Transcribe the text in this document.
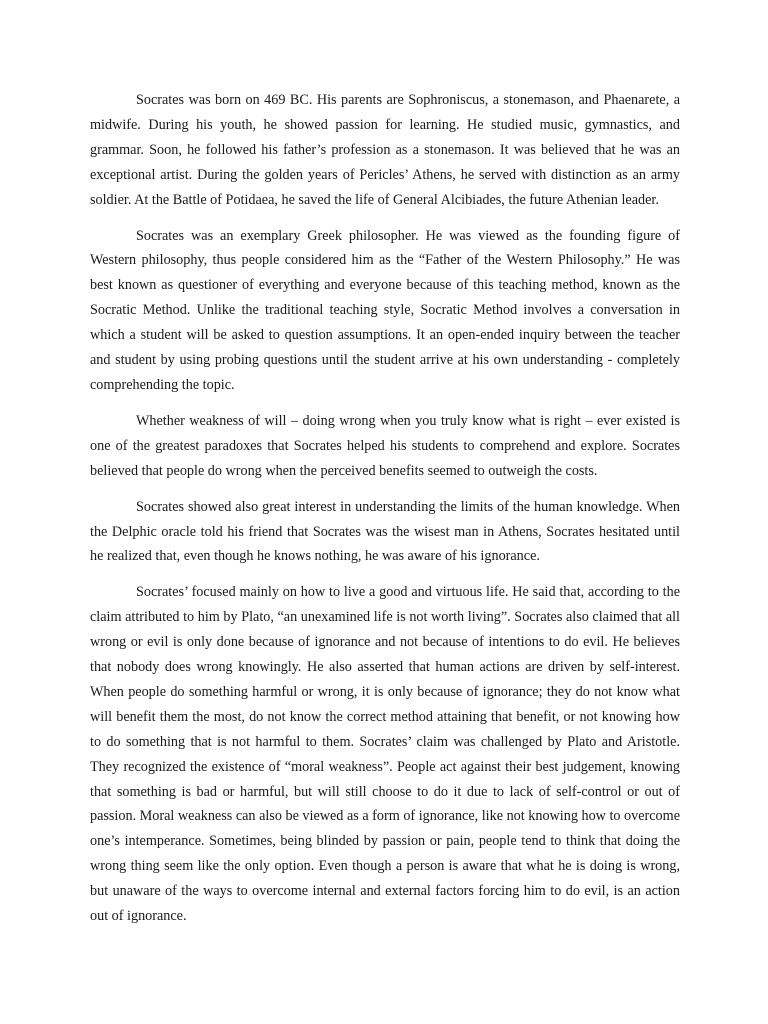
Socrates was born on 469 BC. His parents are Sophroniscus, a stonemason, and Phaenarete, a midwife. During his youth, he showed passion for learning. He studied music, gymnastics, and grammar. Soon, he followed his father’s profession as a stonemason. It was believed that he was an exceptional artist. During the golden years of Pericles’ Athens, he served with distinction as an army soldier. At the Battle of Potidaea, he saved the life of General Alcibiades, the future Athenian leader.

Socrates was an exemplary Greek philosopher. He was viewed as the founding figure of Western philosophy, thus people considered him as the “Father of the Western Philosophy.” He was best known as questioner of everything and everyone because of this teaching method, known as the Socratic Method. Unlike the traditional teaching style, Socratic Method involves a conversation in which a student will be asked to question assumptions. It an open-ended inquiry between the teacher and student by using probing questions until the student arrive at his own understanding - completely comprehending the topic.

Whether weakness of will – doing wrong when you truly know what is right – ever existed is one of the greatest paradoxes that Socrates helped his students to comprehend and explore. Socrates believed that people do wrong when the perceived benefits seemed to outweigh the costs.

Socrates showed also great interest in understanding the limits of the human knowledge. When the Delphic oracle told his friend that Socrates was the wisest man in Athens, Socrates hesitated until he realized that, even though he knows nothing, he was aware of his ignorance.

Socrates’ focused mainly on how to live a good and virtuous life. He said that, according to the claim attributed to him by Plato, “an unexamined life is not worth living”. Socrates also claimed that all wrong or evil is only done because of ignorance and not because of intentions to do evil. He believes that nobody does wrong knowingly. He also asserted that human actions are driven by self-interest. When people do something harmful or wrong, it is only because of ignorance; they do not know what will benefit them the most, do not know the correct method attaining that benefit, or not knowing how to do something that is not harmful to them. Socrates’ claim was challenged by Plato and Aristotle. They recognized the existence of “moral weakness”. People act against their best judgement, knowing that something is bad or harmful, but will still choose to do it due to lack of self-control or out of passion. Moral weakness can also be viewed as a form of ignorance, like not knowing how to overcome one’s intemperance. Sometimes, being blinded by passion or pain, people tend to think that doing the wrong thing seem like the only option. Even though a person is aware that what he is doing is wrong, but unaware of the ways to overcome internal and external factors forcing him to do evil, is an action out of ignorance.
